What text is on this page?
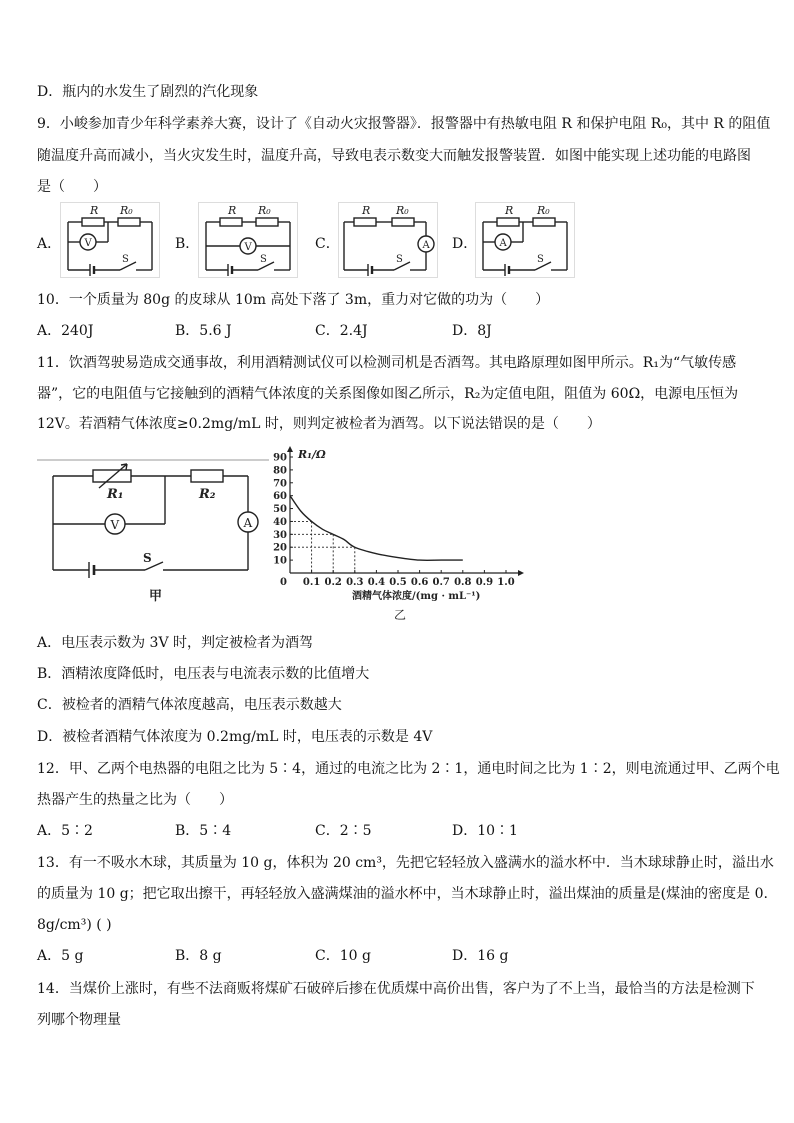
D．瓶内的水发生了剧烈的汽化现象
9．小峻参加青少年科学素养大赛，设计了《自动火灾报警器》．报警器中有热敏电阻 R 和保护电阻 R₀，其中 R 的阻值
随温度升高而减小，当火灾发生时，温度升高，导致电表示数变大而触发报警装置．如图中能实现上述功能的电路图
是（　　）
A．
R R₀
V
S
B．
R R₀
V
S
C．
R R₀
A
S
D．
R R₀
A
S
10．一个质量为 80g 的皮球从 10m 高处下落了 3m，重力对它做的功为（　　）
A．240J	B．5.6 J	C．2.4J	D．8J
11．饮酒驾驶易造成交通事故，利用酒精测试仪可以检测司机是否酒驾。其电路原理如图甲所示。R₁为“气敏传感
器”，它的电阻值与它接触到的酒精气体浓度的关系图像如图乙所示，R₂为定值电阻，阻值为 60Ω，电源电压恒为
12V。若酒精气体浓度≥0.2mg/mL 时，则判定被检者为酒驾。以下说法错误的是（　　）
R₁	R₂
A
V
S
甲
10
20
30
40
50
60
70
80
90
0.1 0.2 0.3 0.4 0.5 0.6 0.7 0.8 0.9 1.0
0
R₁/Ω
酒精气体浓度/(mg · mL⁻¹)
乙
A．电压表示数为 3V 时，判定被检者为酒驾
B．酒精浓度降低时，电压表与电流表示数的比值增大
C．被检者的酒精气体浓度越高，电压表示数越大
D．被检者酒精气体浓度为 0.2mg/mL 时，电压表的示数是 4V
12．甲、乙两个电热器的电阻之比为 5∶4，通过的电流之比为 2∶1，通电时间之比为 1∶2，则电流通过甲、乙两个电
热器产生的热量之比为（　　）
A．5∶2	B．5∶4	C．2∶5	D．10∶1
13．有一不吸水木球，其质量为 10 g，体积为 20 cm³，先把它轻轻放入盛满水的溢水杯中．当木球球静止时，溢出水
的质量为 10 g；把它取出擦干，再轻轻放入盛满煤油的溢水杯中，当木球静止时，溢出煤油的质量是(煤油的密度是 0.
8g/cm³) ( )
A．5 g	B．8 g	C．10 g	D．16 g
14．当煤价上涨时，有些不法商贩将煤矿石破碎后掺在优质煤中高价出售，客户为了不上当，最恰当的方法是检测下
列哪个物理量
